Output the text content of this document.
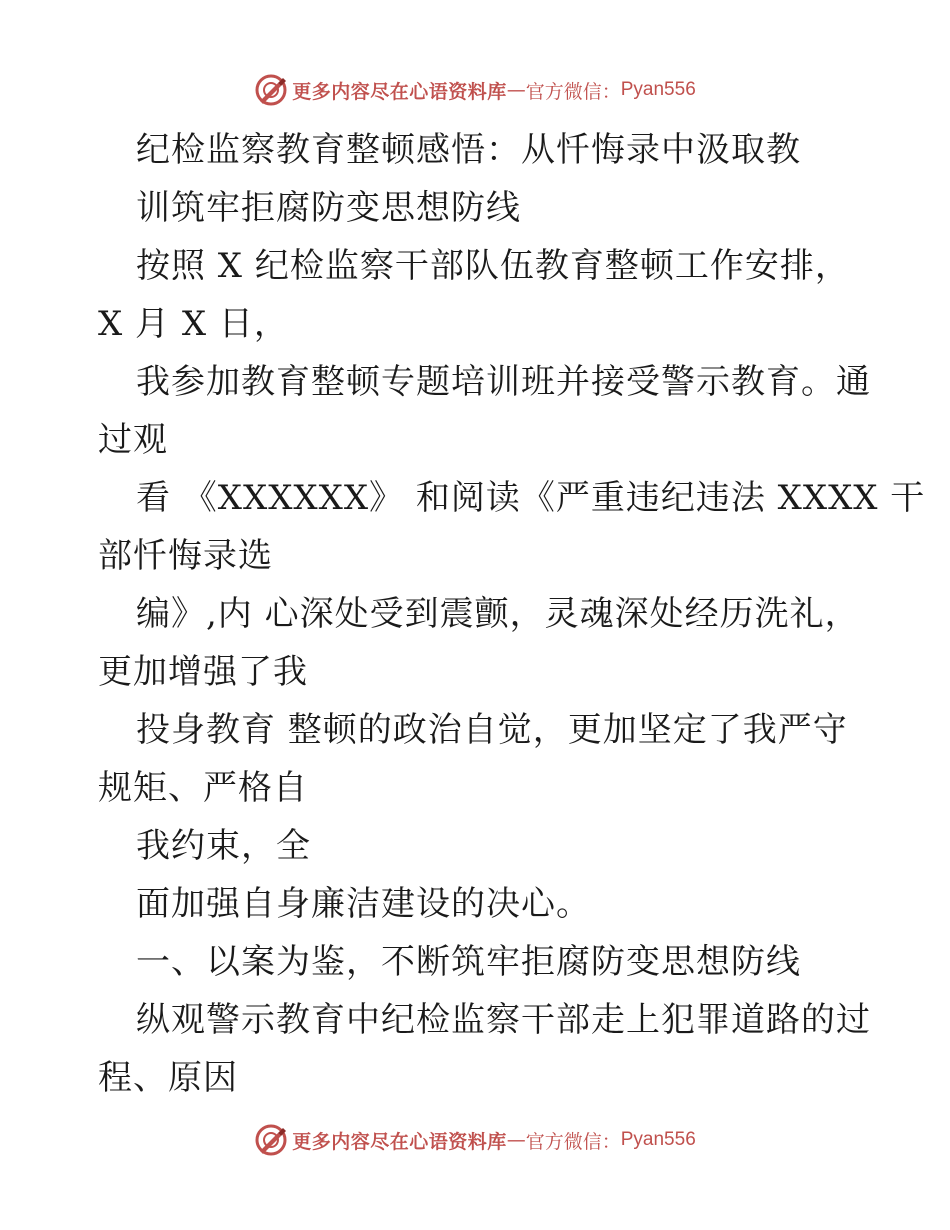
更多内容尽在心语资料库 — 官方微信： Pyan556
纪检监察教育整顿感悟：从忏悔录中汲取教
训筑牢拒腐防变思想防线
按照 X 纪检监察干部队伍教育整顿工作安排，
X 月 X 日，
我参加教育整顿专题培训班并接受警示教育。通
过观
看 《XXXXXX》 和阅读《严重违纪违法 XXXX 干
部忏悔录选
编》,内 心深处受到震颤，灵魂深处经历洗礼，
更加增强了我
投身教育 整顿的政治自觉，更加坚定了我严守
规矩、严格自
我约束，全
面加强自身廉洁建设的决心。
一、以案为鉴，不断筑牢拒腐防变思想防线
纵观警示教育中纪检监察干部走上犯罪道路的过
程、原因
更多内容尽在心语资料库 — 官方微信： Pyan556
